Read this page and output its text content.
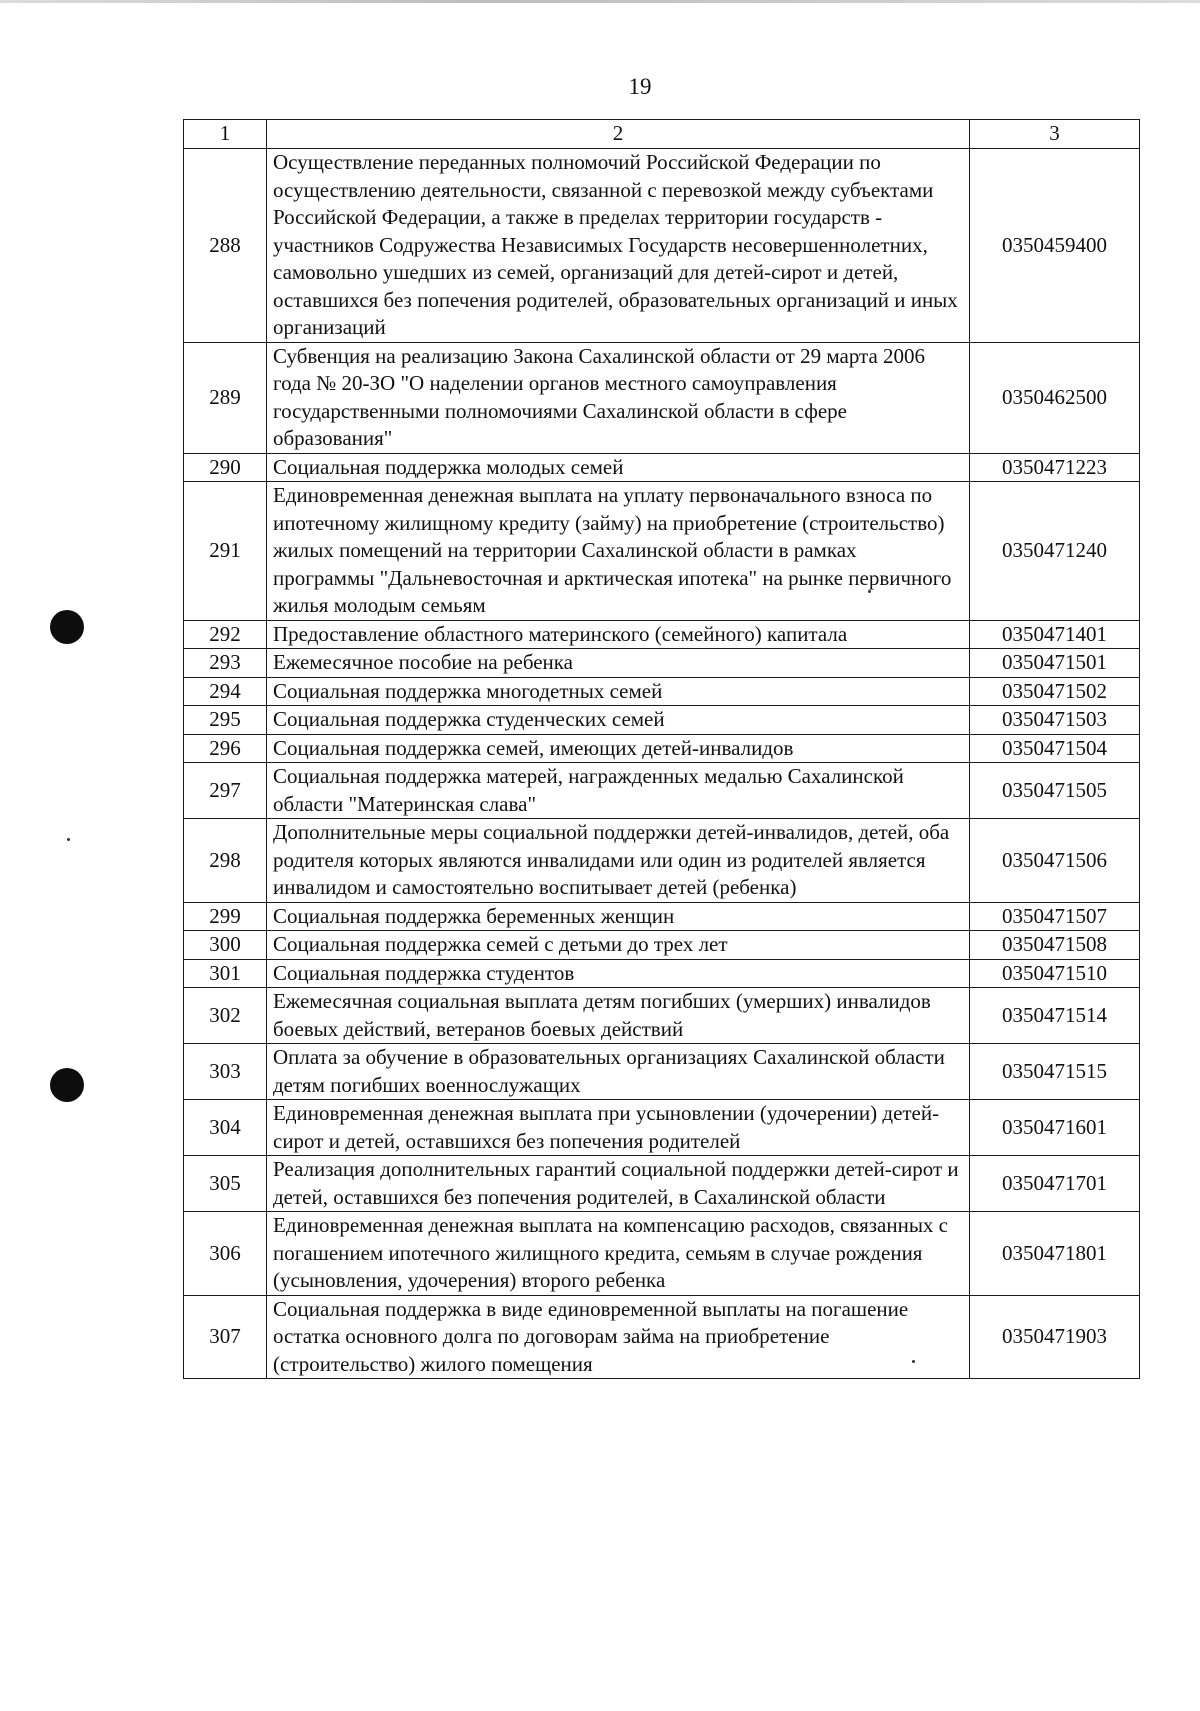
19
1	2	3
288	Осуществление переданных полномочий Российской Федерации по осуществлению деятельности, связанной с перевозкой между субъектами Российской Федерации, а также в пределах территории государств - участников Содружества Независимых Государств несовершеннолетних, самовольно ушедших из семей, организаций для детей-сирот и детей, оставшихся без попечения родителей, образовательных организаций и иных организаций	0350459400
289	Субвенция на реализацию Закона Сахалинской области от 29 марта 2006 года № 20-ЗО "О наделении органов местного самоуправления государственными полномочиями Сахалинской области в сфере образования"	0350462500
290	Социальная поддержка молодых семей	0350471223
291	Единовременная денежная выплата на уплату первоначального взноса по ипотечному жилищному кредиту (займу) на приобретение (строительство) жилых помещений на территории Сахалинской области в рамках программы "Дальневосточная и арктическая ипотека" на рынке первичного жилья молодым семьям	0350471240
292	Предоставление областного материнского (семейного) капитала	0350471401
293	Ежемесячное пособие на ребенка	0350471501
294	Социальная поддержка многодетных семей	0350471502
295	Социальная поддержка студенческих семей	0350471503
296	Социальная поддержка семей, имеющих детей-инвалидов	0350471504
297	Социальная поддержка матерей, награжденных медалью Сахалинской области "Материнская слава"	0350471505
298	Дополнительные меры социальной поддержки детей-инвалидов, детей, оба родителя которых являются инвалидами или один из родителей является инвалидом и самостоятельно воспитывает детей (ребенка)	0350471506
299	Социальная поддержка беременных женщин	0350471507
300	Социальная поддержка семей с детьми до трех лет	0350471508
301	Социальная поддержка студентов	0350471510
302	Ежемесячная социальная выплата детям погибших (умерших) инвалидов боевых действий, ветеранов боевых действий	0350471514
303	Оплата за обучение в образовательных организациях Сахалинской области детям погибших военнослужащих	0350471515
304	Единовременная денежная выплата при усыновлении (удочерении) детей-сирот и детей, оставшихся без попечения родителей	0350471601
305	Реализация дополнительных гарантий социальной поддержки детей-сирот и детей, оставшихся без попечения родителей, в Сахалинской области	0350471701
306	Единовременная денежная выплата на компенсацию расходов, связанных с погашением ипотечного жилищного кредита, семьям в случае рождения (усыновления, удочерения) второго ребенка	0350471801
307	Социальная поддержка в виде единовременной выплаты на погашение остатка основного долга по договорам займа на приобретение (строительство) жилого помещения	0350471903
